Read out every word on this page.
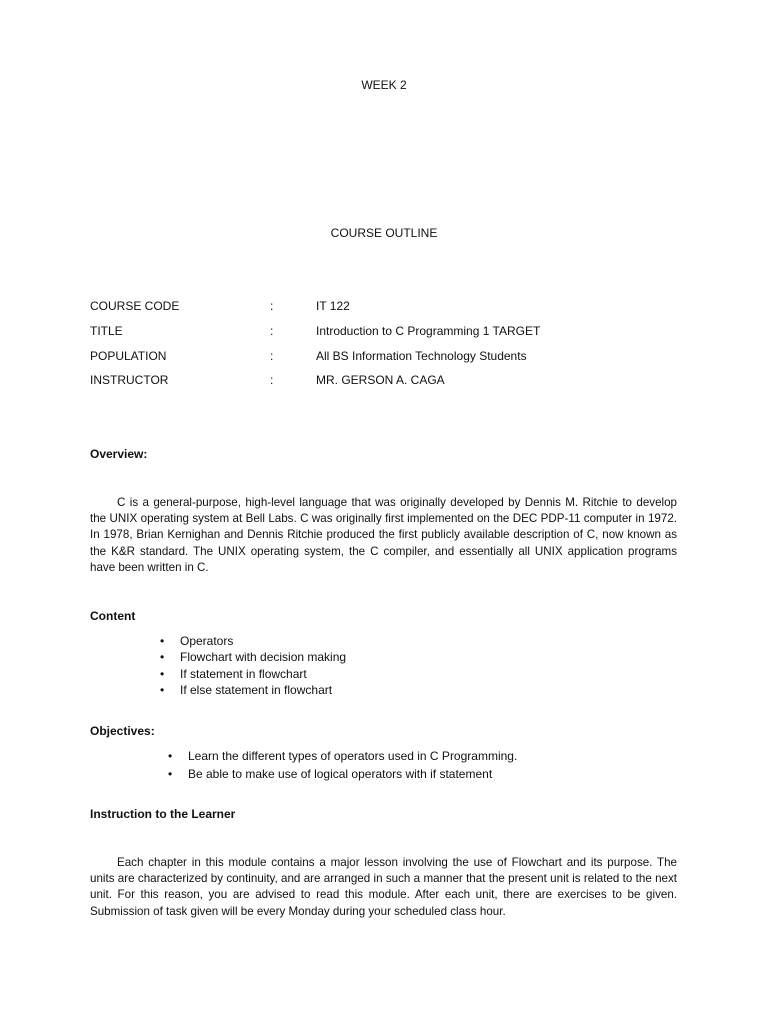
WEEK 2
COURSE OUTLINE
COURSE CODE	:	IT 122
TITLE	:	Introduction to C Programming 1 TARGET
POPULATION	:	All BS Information Technology Students
INSTRUCTOR	:	MR. GERSON A. CAGA
Overview:

C is a general-purpose, high-level language that was originally developed by Dennis M. Ritchie to develop the UNIX operating system at Bell Labs. C was originally first implemented on the DEC PDP-11 computer in 1972. In 1978, Brian Kernighan and Dennis Ritchie produced the first publicly available description of C, now known as the K&R standard. The UNIX operating system, the C compiler, and essentially all UNIX application programs have been written in C.

Content
• Operators
• Flowchart with decision making
• If statement in flowchart
• If else statement in flowchart
Objectives:
• Learn the different types of operators used in C Programming.
• Be able to make use of logical operators with if statement
Instruction to the Learner

Each chapter in this module contains a major lesson involving the use of Flowchart and its purpose. The units are characterized by continuity, and are arranged in such a manner that the present unit is related to the next unit. For this reason, you are advised to read this module. After each unit, there are exercises to be given. Submission of task given will be every Monday during your scheduled class hour.
